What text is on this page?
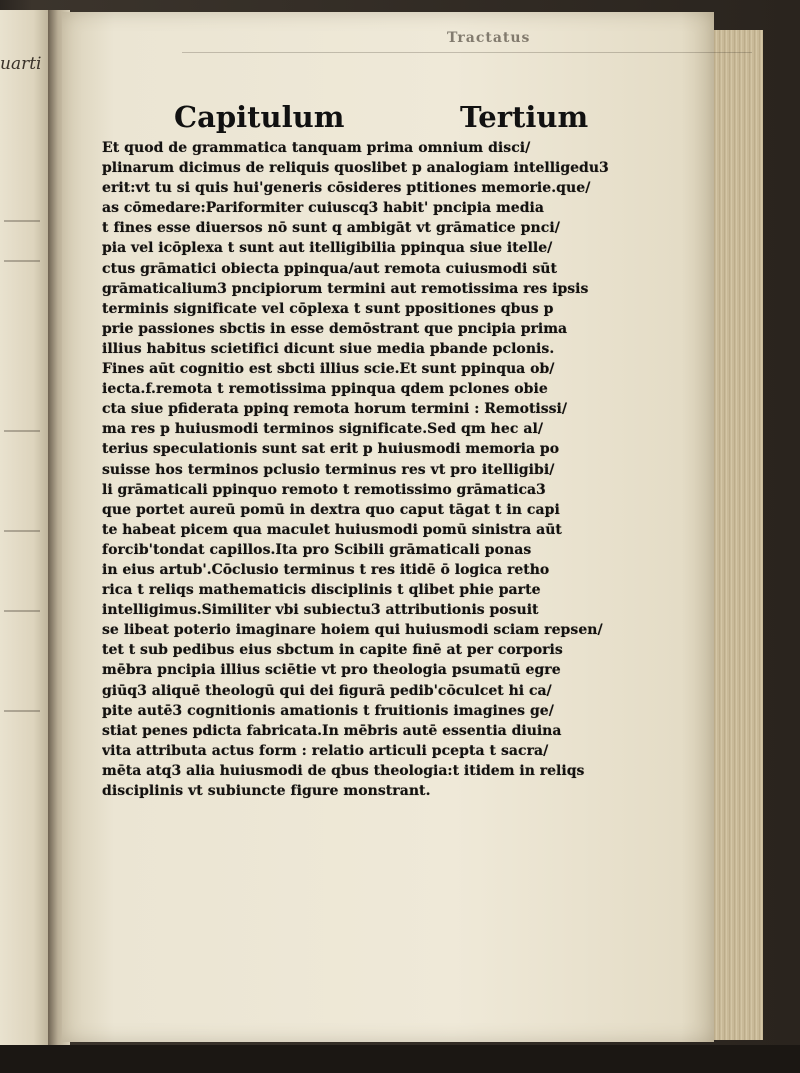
uarti
Tractatus
Capitulum	Tertium
Et quod de grammatica tanquam prima omnium disci/
plinarum dicimus de reliquis quoslibet p analogiam intelligedu3
erit:vt tu si quis hui'generis cōsideres ptitiones memorie.que/
as cōmedare:Pariformiter cuiuscq3 habit' pncipia media
t fines esse diuersos nō sunt q ambigāt vt grāmatice pnci/
pia vel icōplexa t sunt aut itelligibilia ppinqua siue itelle/
ctus grāmatici obiecta ppinqua/aut remota cuiusmodi sūt
grāmaticalium3 pncipiorum termini aut remotissima res ipsis
terminis significate vel cōplexa t sunt ppositiones qbus p
prie passiones sbctis in esse demōstrant que pncipia prima
illius habitus scietifici dicunt siue media pbande pclonis.
Fines aūt cognitio est sbcti illius scie.Et sunt ppinqua ob/
iecta.f.remota t remotissima ppinqua qdem pclones obie
cta siue pfiderata ppinq remota horum termini : Remotissi/
ma res p huiusmodi terminos significate.Sed qm hec al/
terius speculationis sunt sat erit p huiusmodi memoria po
suisse hos terminos pclusio terminus res vt pro itelligibi/
li grāmaticali ppinquo remoto t remotissimo grāmatica3
que portet aureū pomū in dextra quo caput tāgat t in capi
te habeat picem qua maculet huiusmodi pomū sinistra aūt
forcib'tondat capillos.Ita pro Scibili grāmaticali ponas
in eius artub'.Cōclusio terminus t res itidē ō logica retho
rica t reliqs mathematicis disciplinis t qlibet phie parte
intelligimus.Similiter vbi subiectu3 attributionis posuit
se libeat poterio imaginare hoiem qui huiusmodi sciam repsen/
tet t sub pedibus eius sbctum in capite finē at per corporis
mēbra pncipia illius sciētie vt pro theologia psumatū egre
giūq3 aliquē theologū qui dei figurā pedib'cōculcet hi ca/
pite autē3 cognitionis amationis t fruitionis imagines ge/
stiat penes pdicta fabricata.In mēbris autē essentia diuina
vita attributa actus form : relatio articuli pcepta t sacra/
mēta atq3 alia huiusmodi de qbus theologia:t itidem in reliqs
disciplinis vt subiuncte figure monstrant.
